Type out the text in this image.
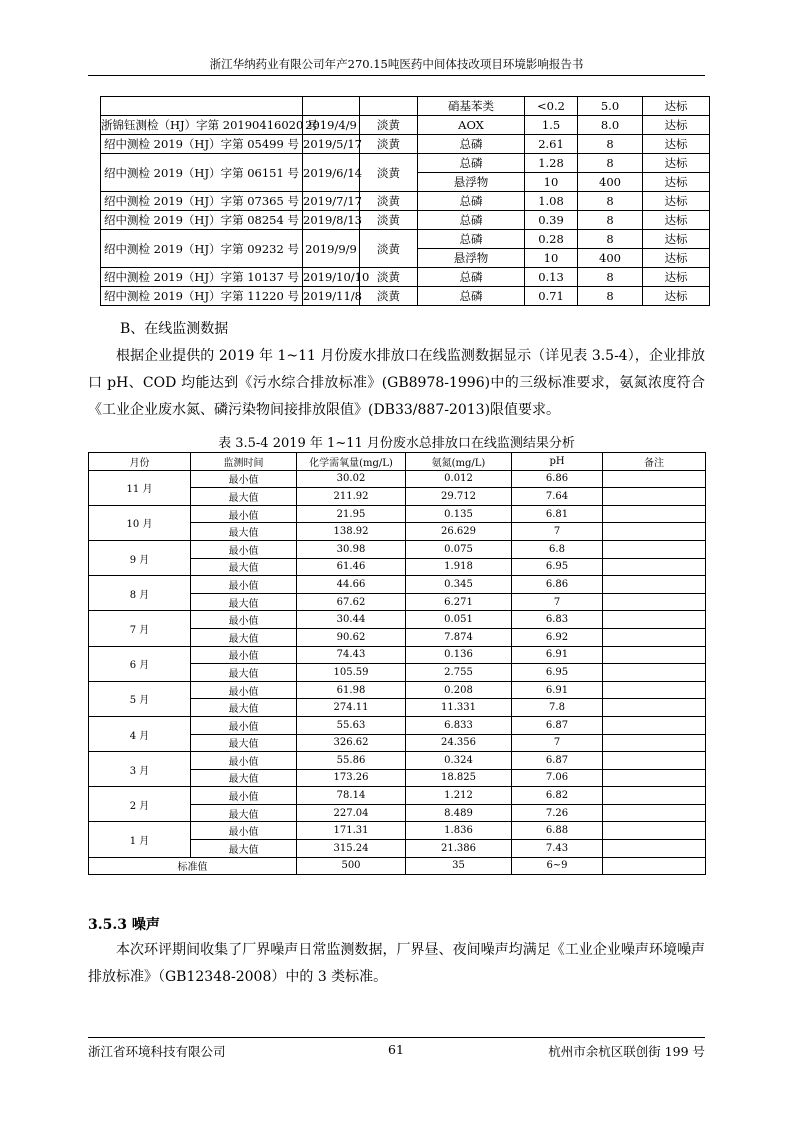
浙江华纳药业有限公司年产270.15吨医药中间体技改项目环境影响报告书
			硝基苯类	<0.2	5.0	达标
浙锦钰测检（HJ）字第 20190416020 号	2019/4/9	淡黄	AOX	1.5	8.0	达标
绍中测检 2019（HJ）字第 05499 号	2019/5/17	淡黄	总磷	2.61	8	达标
绍中测检 2019（HJ）字第 06151 号	2019/6/14	淡黄	总磷	1.28	8	达标
			悬浮物	10	400	达标
绍中测检 2019（HJ）字第 07365 号	2019/7/17	淡黄	总磷	1.08	8	达标
绍中测检 2019（HJ）字第 08254 号	2019/8/13	淡黄	总磷	0.39	8	达标
绍中测检 2019（HJ）字第 09232 号	2019/9/9	淡黄	总磷	0.28	8	达标
			悬浮物	10	400	达标
绍中测检 2019（HJ）字第 10137 号	2019/10/10	淡黄	总磷	0.13	8	达标
绍中测检 2019（HJ）字第 11220 号	2019/11/8	淡黄	总磷	0.71	8	达标
B、在线监测数据
根据企业提供的 2019 年 1~11 月份废水排放口在线监测数据显示（详见表 3.5-4），企业排放口 pH、COD 均能达到《污水综合排放标准》(GB8978-1996)中的三级标准要求，氨氮浓度符合《工业企业废水氮、磷污染物间接排放限值》(DB33/887-2013)限值要求。
表 3.5-4 2019 年 1~11 月份废水总排放口在线监测结果分析
月份	监测时间	化学需氧量(mg/L)	氨氮(mg/L)	pH	备注
11 月	最小值	30.02	0.012	6.86	
	最大值	211.92	29.712	7.64	
10 月	最小值	21.95	0.135	6.81	
	最大值	138.92	26.629	7	
9 月	最小值	30.98	0.075	6.8	
	最大值	61.46	1.918	6.95	
8 月	最小值	44.66	0.345	6.86	
	最大值	67.62	6.271	7	
7 月	最小值	30.44	0.051	6.83	
	最大值	90.62	7.874	6.92	
6 月	最小值	74.43	0.136	6.91	
	最大值	105.59	2.755	6.95	
5 月	最小值	61.98	0.208	6.91	
	最大值	274.11	11.331	7.8	
4 月	最小值	55.63	6.833	6.87	
	最大值	326.62	24.356	7	
3 月	最小值	55.86	0.324	6.87	
	最大值	173.26	18.825	7.06	
2 月	最小值	78.14	1.212	6.82	
	最大值	227.04	8.489	7.26	
1 月	最小值	171.31	1.836	6.88	
	最大值	315.24	21.386	7.43	
标准值		500	35	6~9	
3.5.3 噪声
本次环评期间收集了厂界噪声日常监测数据，厂界昼、夜间噪声均满足《工业企业噪声环境噪声排放标准》（GB12348-2008）中的 3 类标准。
浙江省环境科技有限公司	61	杭州市余杭区联创街 199 号
